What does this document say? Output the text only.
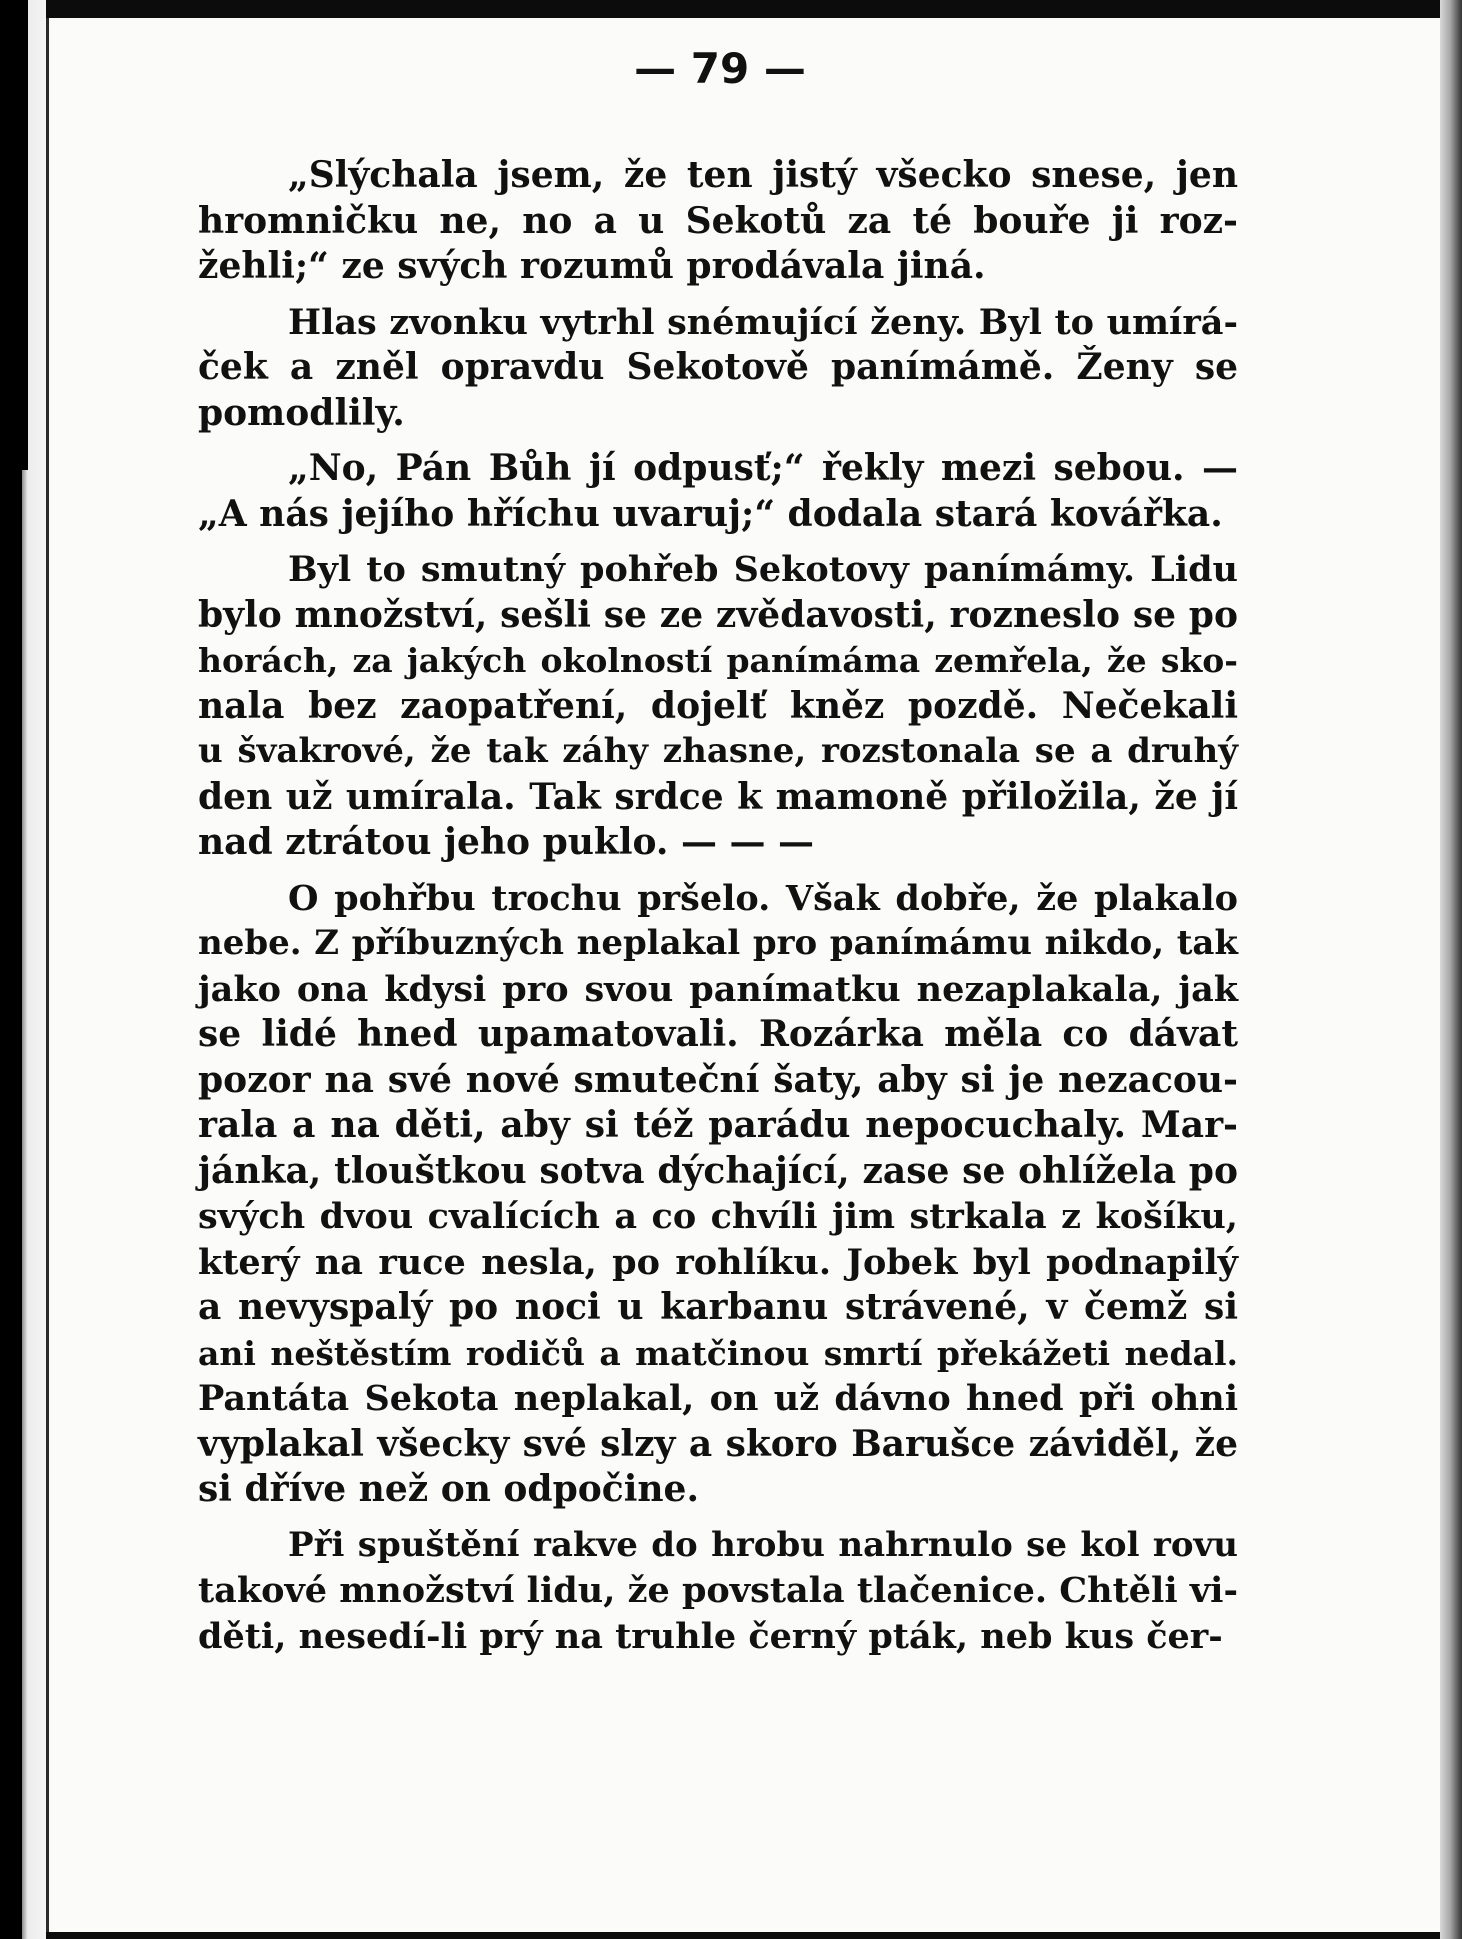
— 79 —
„Slýchala jsem, že ten jistý všecko snese, jen
hromničku ne, no a u Sekotů za té bouře ji roz-
žehli;“ ze svých rozumů prodávala jiná.
Hlas zvonku vytrhl snémující ženy. Byl to umírá-
ček a zněl opravdu Sekotově panímámě. Ženy se
pomodlily.
„No, Pán Bůh jí odpusť;“ řekly mezi sebou. —
„A nás jejího hříchu uvaruj;“ dodala stará kovářka.
Byl to smutný pohřeb Sekotovy panímámy. Lidu
bylo množství, sešli se ze zvědavosti, rozneslo se po
horách, za jakých okolností panímáma zemřela, že sko-
nala bez zaopatření, dojelť kněz pozdě. Nečekali
u švakrové, že tak záhy zhasne, rozstonala se a druhý
den už umírala. Tak srdce k mamoně přiložila, že jí
nad ztrátou jeho puklo. — — —
O pohřbu trochu pršelo. Však dobře, že plakalo
nebe. Z příbuzných neplakal pro panímámu nikdo, tak
jako ona kdysi pro svou panímatku nezaplakala, jak
se lidé hned upamatovali. Rozárka měla co dávat
pozor na své nové smuteční šaty, aby si je nezacou-
rala a na děti, aby si též parádu nepocuchaly. Mar-
jánka, tlouštkou sotva dýchající, zase se ohlížela po
svých dvou cvalících a co chvíli jim strkala z košíku,
který na ruce nesla, po rohlíku. Jobek byl podnapilý
a nevyspalý po noci u karbanu strávené, v čemž si
ani neštěstím rodičů a matčinou smrtí překážeti nedal.
Pantáta Sekota neplakal, on už dávno hned při ohni
vyplakal všecky své slzy a skoro Barušce záviděl, že
si dříve než on odpočine.
Při spuštění rakve do hrobu nahrnulo se kol rovu
takové množství lidu, že povstala tlačenice. Chtěli vi-
děti, nesedí-li prý na truhle černý pták, neb kus čer-
